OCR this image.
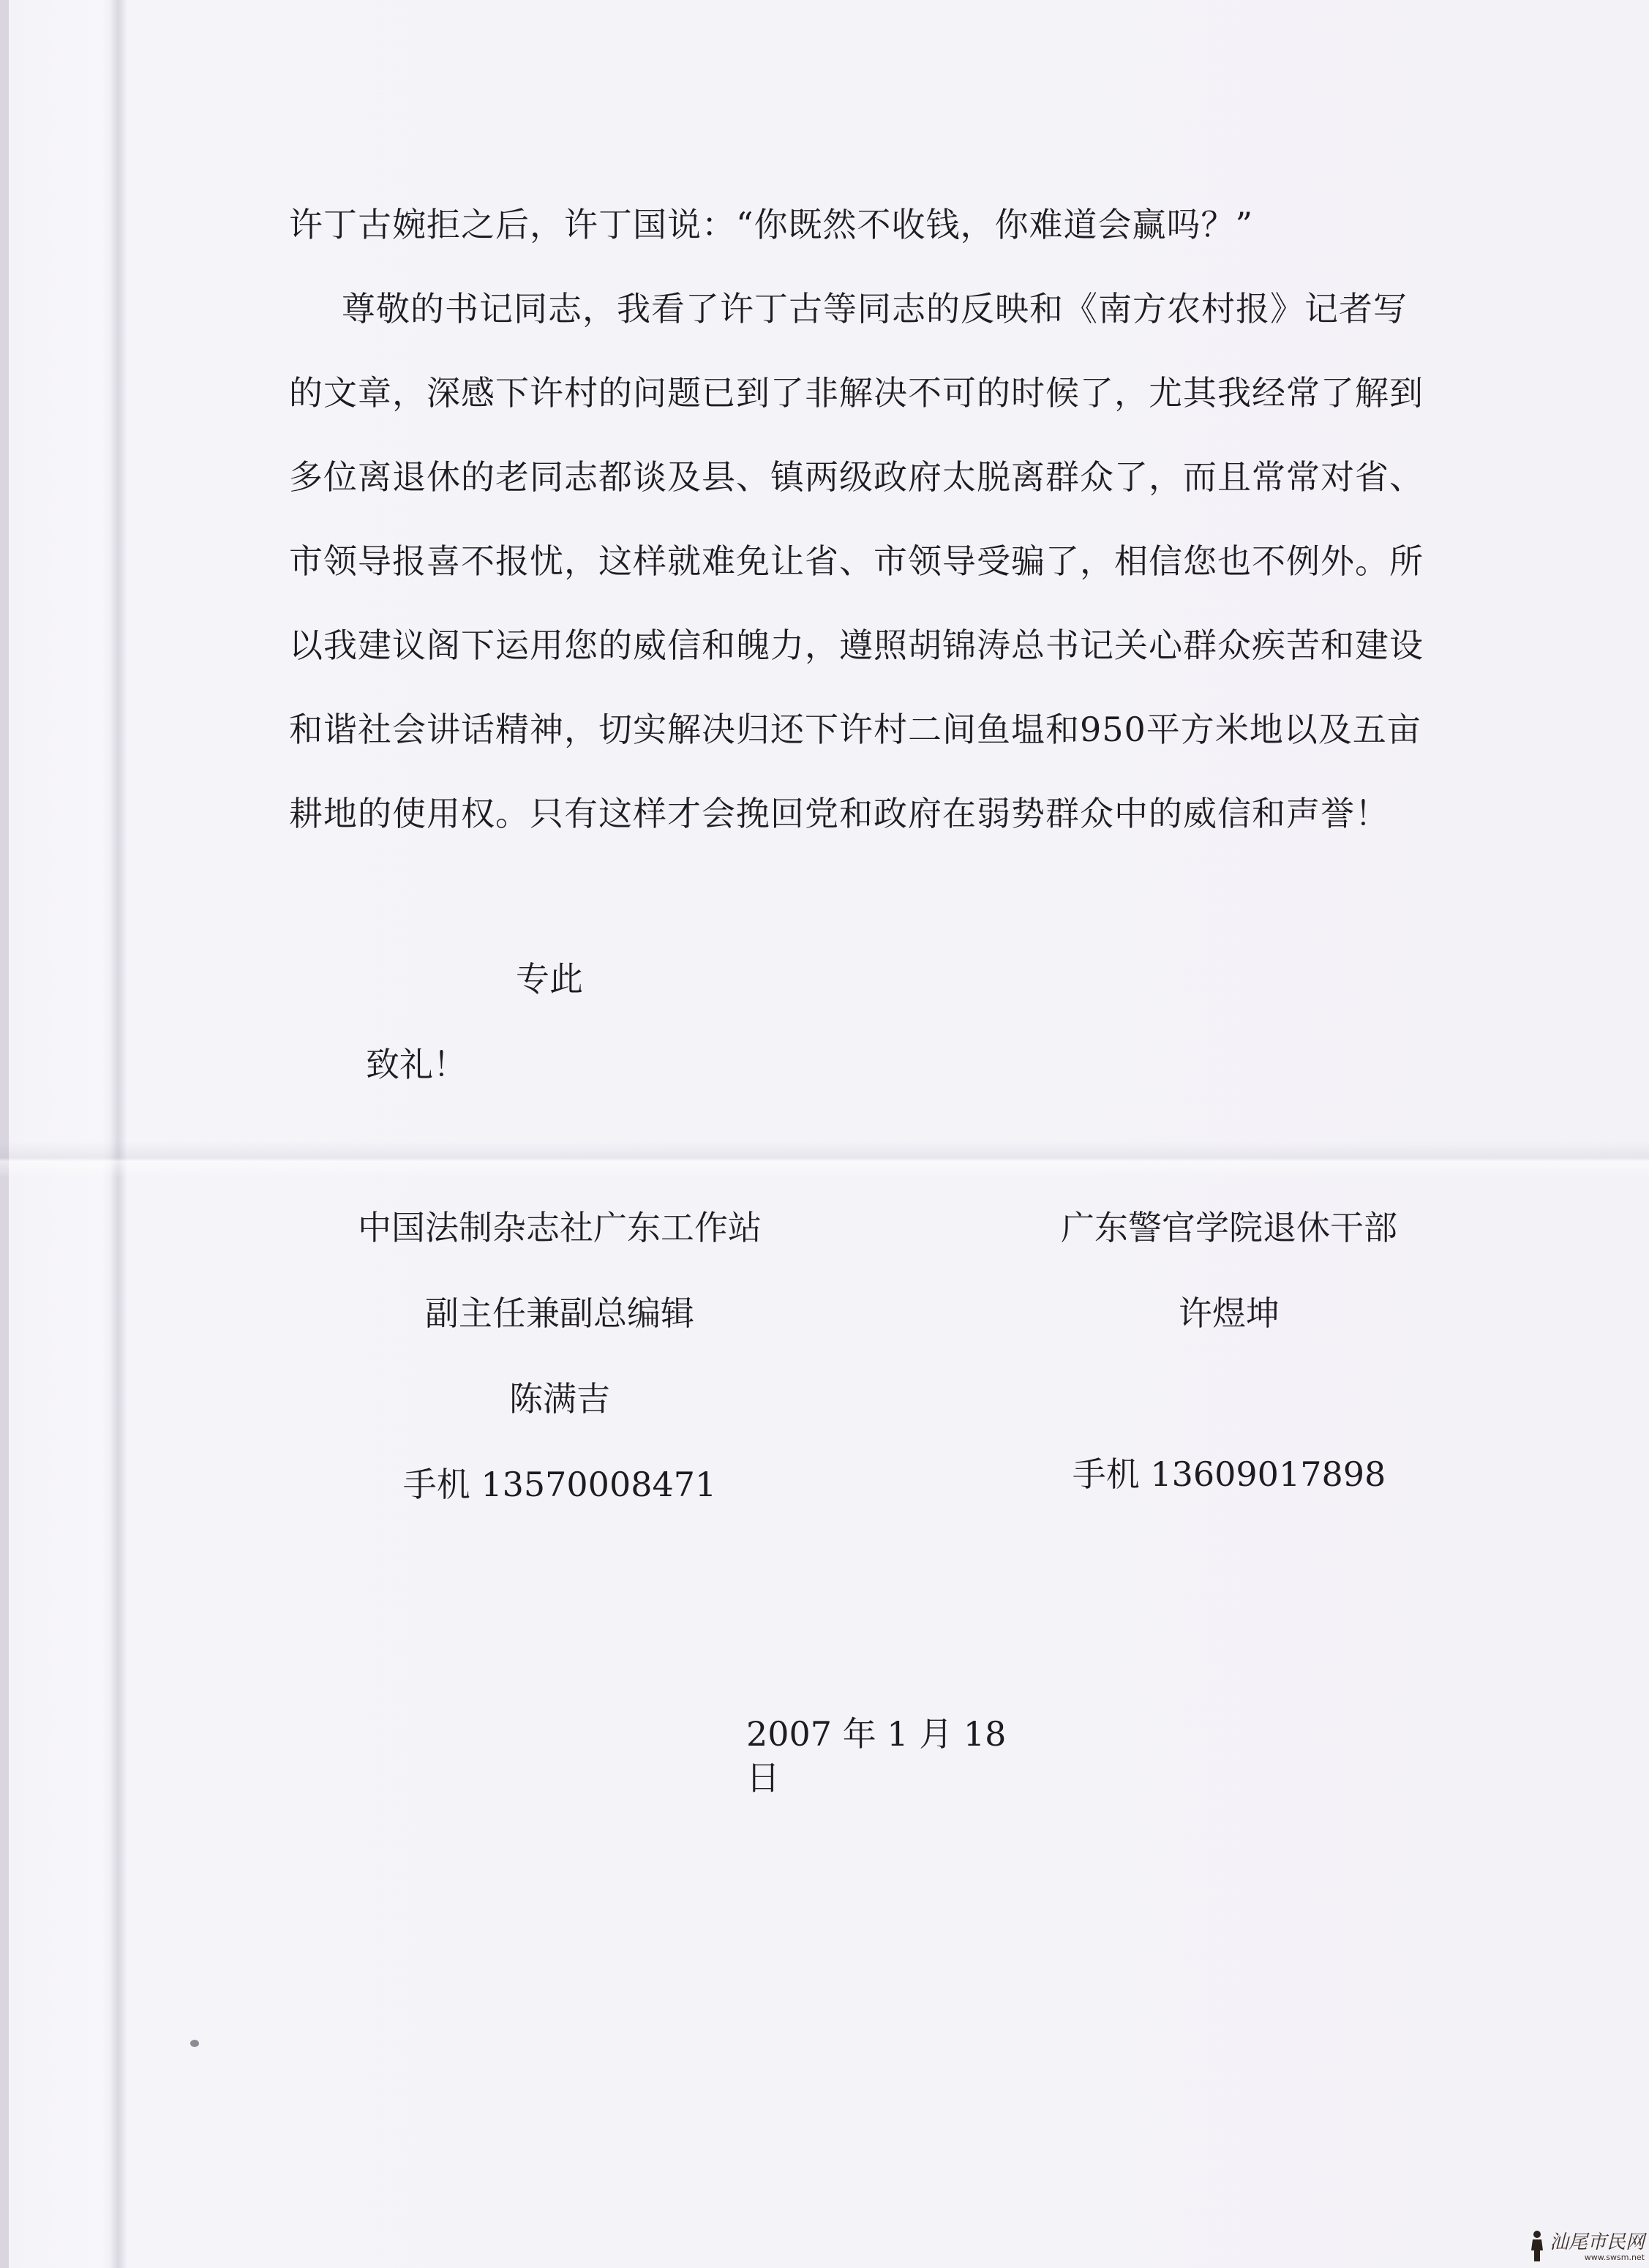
许丁古婉拒之后，许丁国说：“你既然不收钱，你难道会赢吗？”

尊敬的书记同志，我看了许丁古等同志的反映和《南方农村报》记者写的文章，深感下许村的问题已到了非解决不可的时候了，尤其我经常了解到多位离退休的老同志都谈及县、镇两级政府太脱离群众了，而且常常对省、市领导报喜不报忧，这样就难免让省、市领导受骗了，相信您也不例外。所以我建议阁下运用您的威信和魄力，遵照胡锦涛总书记关心群众疾苦和建设和谐社会讲话精神，切实解决归还下许村二间鱼塭和950平方米地以及五亩耕地的使用权。只有这样才会挽回党和政府在弱势群众中的威信和声誉！

专此
致礼！
中国法制杂志社广东工作站
副主任兼副总编辑
陈满吉
手机 13570008471
广东警官学院退休干部
许煜坤
手机 13609017898
2007 年 1 月 18 日
汕尾市民网
www.swsm.net
